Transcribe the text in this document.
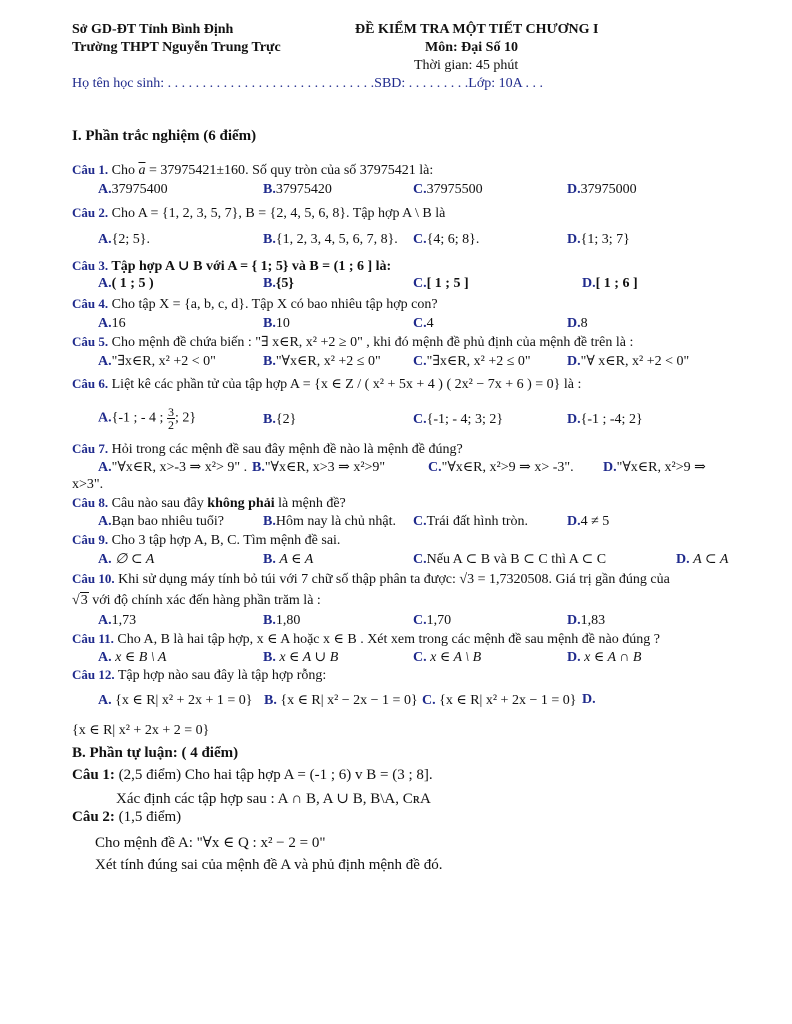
Sở GD-ĐT Tỉnh Bình Định
Trường THPT Nguyễn Trung Trực
ĐỀ KIỂM TRA MỘT TIẾT CHƯƠNG I
Môn: Đại Số 10
Thời gian: 45 phút
Họ tên học sinh: . . . . . . . . . . . . . . . . . . . . . . . . . . . . . .SBD: . . . . . . . . .Lớp: 10A . . .
I. Phần trắc nghiệm (6 điểm)
Câu 1. Cho $\overline{a} = 37975421\pm 160$. Số quy tròn của số 37975421 là:
A.37975400	B.37975420	C.37975500	D.37975000
Câu 2. Cho A = {1, 2, 3, 5, 7}, B = {2, 4, 5, 6, 8}. Tập hợp A \ B là
A.{2; 5}.	B.{1, 2, 3, 4, 5, 6, 7, 8}. C.{4; 6; 8}.	D.{1; 3; 7}
Câu 3. Tập hợp A ∪ B với A = { 1; 5} và B = (1 ; 6 ] là:
A.( 1 ; 5 )	B.{5}	C.[ 1 ; 5 ]	D.[ 1 ; 6 ]
Câu 4. Cho tập X = {a, b, c, d}. Tập X có bao nhiêu tập hợp con?
A.16	B.10	C.4	D.8
Câu 5. Cho mệnh đề chứa biến : "∃ x∈R, x² +2 ≥ 0" , khi đó mệnh đề phủ định của mệnh đề trên là :
A."∃x∈R, x² +2 < 0"	B."∀x∈R, x² +2 ≤ 0" C."∃x∈R, x² +2 ≤ 0"	D."∀ x∈R, x² +2 < 0"
Câu 6. Liệt kê các phần tử của tập hợp A = {x ∈ Z / ( x² + 5x + 4 ) ( 2x² − 7x + 6 ) = 0} là :
A.{-1 ; - 4 ; $\frac{3}{2}$ ; 2}	B.{2}	C.{-1; - 4; 3; 2}	D.{-1 ; -4; 2}
Câu 7. Hỏi trong các mệnh đề sau đây mệnh đề nào là mệnh đề đúng?
A."∀x∈R, x>-3 ⇒ x²> 9" . B."∀x∈R, x>3 ⇒ x²>9"	C."∀x∈R, x²>9 ⇒ x> -3". D."∀x∈R, x²>9 ⇒
x>3".
Câu 8. Câu nào sau đây không phải là mệnh đề?
A.Bạn bao nhiêu tuổi?	B.Hôm nay là chủ nhật. C.Trái đất hình tròn.	D.4 ≠ 5
Câu 9. Cho 3 tập hợp A, B, C. Tìm mệnh đề sai.
A. ∅ ⊂ A	B. A ∈ A	C.Nếu A ⊂ B và B ⊂ C thì A ⊂ C	D. A ⊂ A
Câu 10. Khi sử dụng máy tính bỏ túi với 7 chữ số thập phân ta được: √3 = 1,7320508. Giá trị gần đúng của
√3 với độ chính xác đến hàng phần trăm là :
A.1,73	B.1,80	C.1,70	D.1,83
Câu 11. Cho A, B là hai tập hợp, x ∈ A hoặc x ∈ B . Xét xem trong các mệnh đề sau mệnh đề nào đúng ?
A. x ∈ B \ A	B. x ∈ A ∪ B	C. x ∈ A \ B	D. x ∈ A ∩ B
Câu 12. Tập hợp nào sau đây là tập hợp rỗng:
A. {x ∈ R| x² + 2x + 1 = 0} B. {x ∈ R| x² − 2x − 1 = 0} C. {x ∈ R| x² + 2x − 1 = 0} D.
{x ∈ R| x² + 2x + 2 = 0}
B. Phần tự luận: ( 4 điểm)
Câu 1: (2,5 điểm) Cho hai tập hợp A = (-1 ; 6) v B = (3 ; 8].
Xác định các tập hợp sau : A ∩ B, A ∪ B, B\A, CʀA
Câu 2: (1,5 điểm)
Cho mệnh đề A: "∀x ∈ Q : x² − 2 = 0"
Xét tính đúng sai của mệnh đề A và phủ định mệnh đề đó.
